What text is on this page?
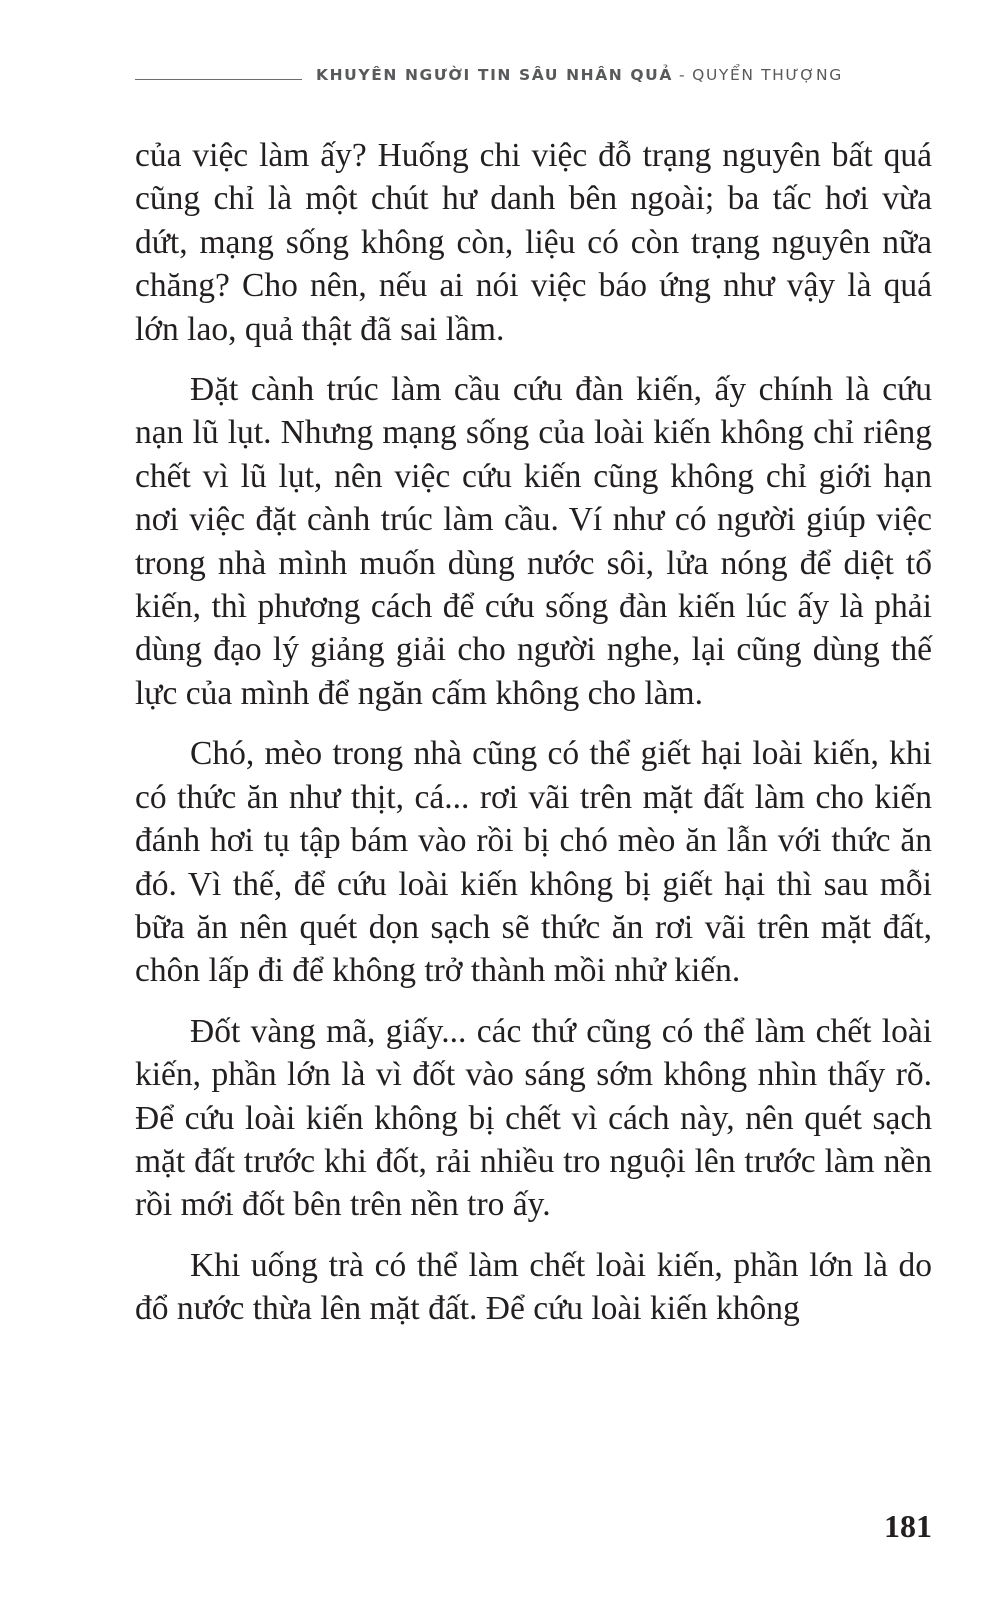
KHUYÊN NGƯỜI TIN SÂU NHÂN QUẢ - QUYỂN THƯỢNG

của việc làm ấy? Huống chi việc đỗ trạng nguyên bất quá cũng chỉ là một chút hư danh bên ngoài; ba tấc hơi vừa dứt, mạng sống không còn, liệu có còn trạng nguyên nữa chăng? Cho nên, nếu ai nói việc báo ứng như vậy là quá lớn lao, quả thật đã sai lầm.

Đặt cành trúc làm cầu cứu đàn kiến, ấy chính là cứu nạn lũ lụt. Nhưng mạng sống của loài kiến không chỉ riêng chết vì lũ lụt, nên việc cứu kiến cũng không chỉ giới hạn nơi việc đặt cành trúc làm cầu. Ví như có người giúp việc trong nhà mình muốn dùng nước sôi, lửa nóng để diệt tổ kiến, thì phương cách để cứu sống đàn kiến lúc ấy là phải dùng đạo lý giảng giải cho người nghe, lại cũng dùng thế lực của mình để ngăn cấm không cho làm.

Chó, mèo trong nhà cũng có thể giết hại loài kiến, khi có thức ăn như thịt, cá... rơi vãi trên mặt đất làm cho kiến đánh hơi tụ tập bám vào rồi bị chó mèo ăn lẫn với thức ăn đó. Vì thế, để cứu loài kiến không bị giết hại thì sau mỗi bữa ăn nên quét dọn sạch sẽ thức ăn rơi vãi trên mặt đất, chôn lấp đi để không trở thành mồi nhử kiến.

Đốt vàng mã, giấy... các thứ cũng có thể làm chết loài kiến, phần lớn là vì đốt vào sáng sớm không nhìn thấy rõ. Để cứu loài kiến không bị chết vì cách này, nên quét sạch mặt đất trước khi đốt, rải nhiều tro nguội lên trước làm nền rồi mới đốt bên trên nền tro ấy.

Khi uống trà có thể làm chết loài kiến, phần lớn là do đổ nước thừa lên mặt đất. Để cứu loài kiến không

181
